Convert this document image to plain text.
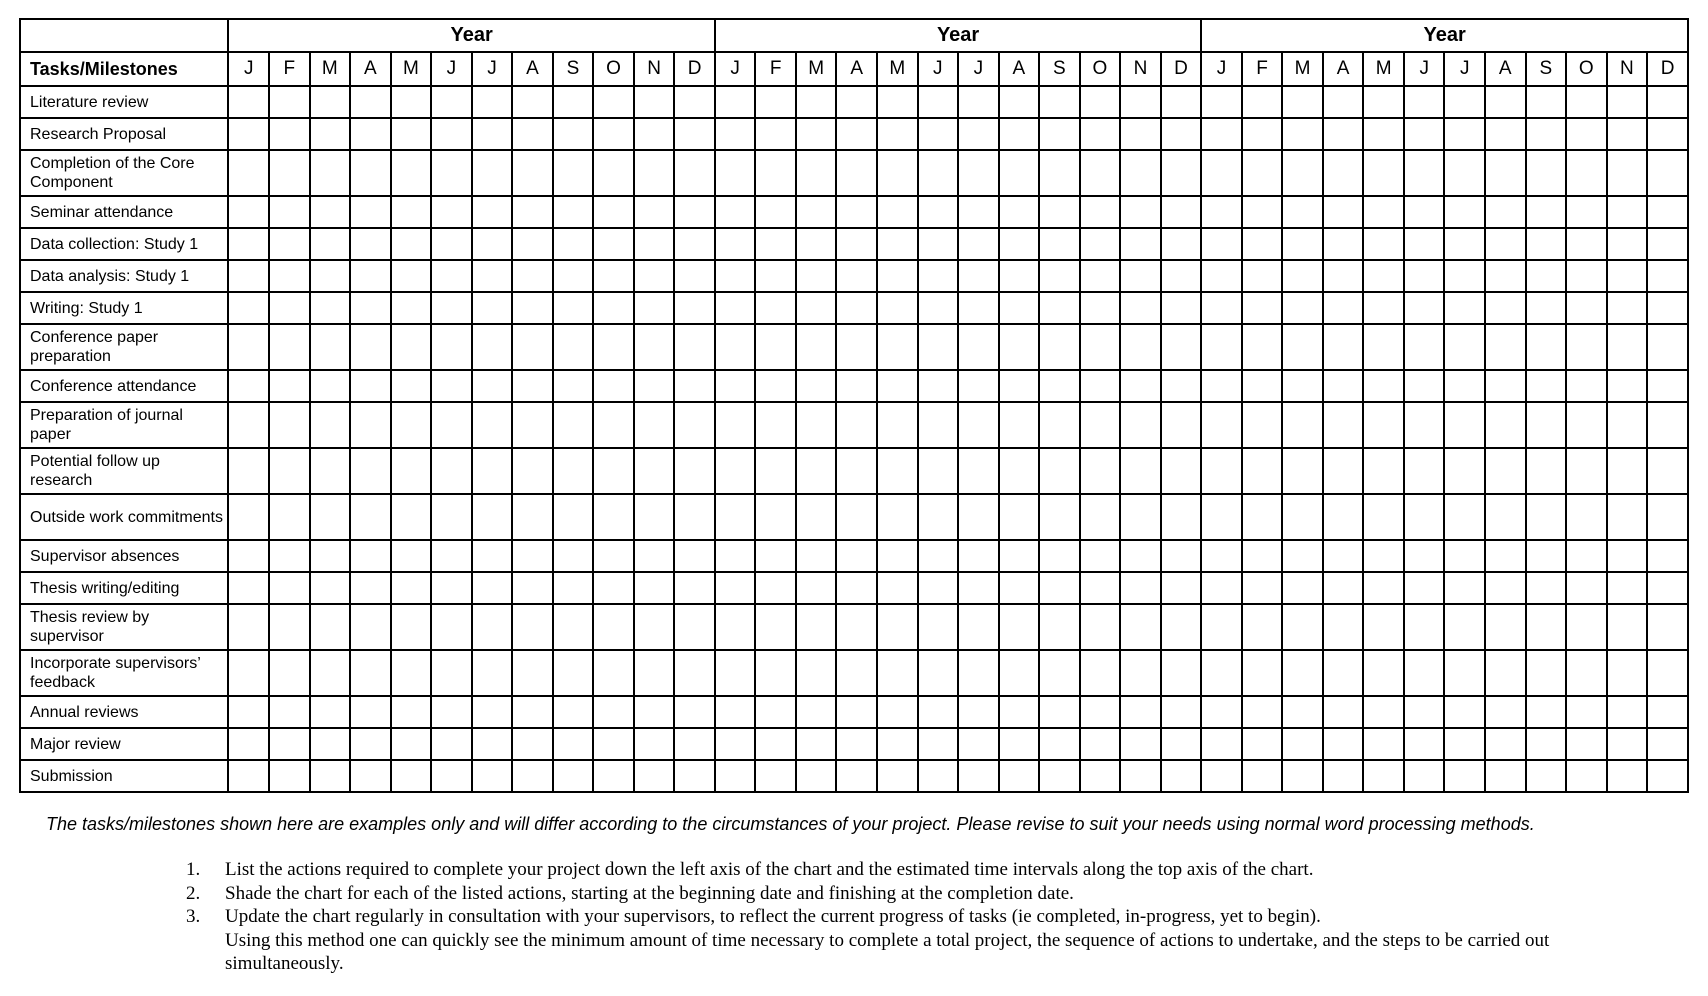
	Year												Year												Year											
Tasks/Milestones	J	F	M	A	M	J	J	A	S	O	N	D	J	F	M	A	M	J	J	A	S	O	N	D	J	F	M	A	M	J	J	A	S	O	N	D
Literature review																																				
Research Proposal																																				
Completion of the Core Component																																				
Seminar attendance																																				
Data collection: Study 1																																				
Data analysis: Study 1																																				
Writing: Study 1																																				
Conference paper preparation																																				
Conference attendance																																				
Preparation of journal paper																																				
Potential follow up research																																				
Outside work commitments																																				
Supervisor absences																																				
Thesis writing/editing																																				
Thesis review by supervisor																																				
Incorporate supervisors’ feedback																																				
Annual reviews																																				
Major review																																				
Submission																																				
The tasks/milestones shown here are examples only and will differ according to the circumstances of your project. Please revise to suit your needs using normal word processing methods.
1. List the actions required to complete your project down the left axis of the chart and the estimated time intervals along the top axis of the chart.
2. Shade the chart for each of the listed actions, starting at the beginning date and finishing at the completion date.
3. Update the chart regularly in consultation with your supervisors, to reflect the current progress of tasks (ie completed, in-progress, yet to begin).
Using this method one can quickly see the minimum amount of time necessary to complete a total project, the sequence of actions to undertake, and the steps to be carried out simultaneously.
